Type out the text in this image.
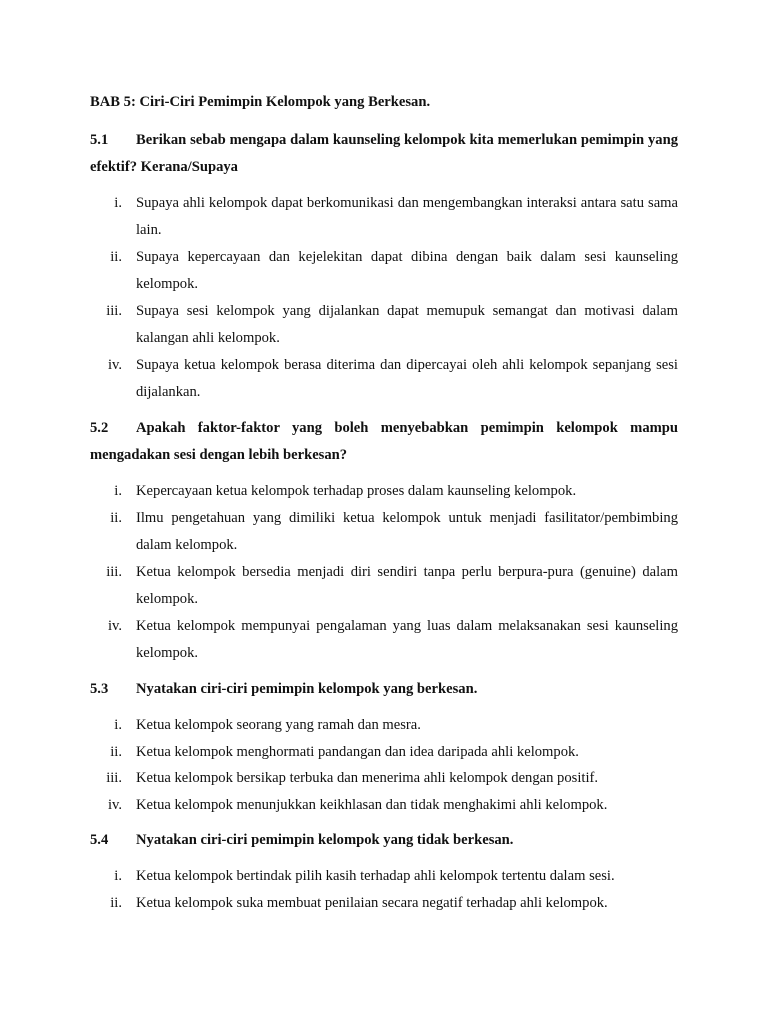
BAB 5: Ciri-Ciri Pemimpin Kelompok yang Berkesan.
5.1 Berikan sebab mengapa dalam kaunseling kelompok kita memerlukan pemimpin yang efektif? Kerana/Supaya
i. Supaya ahli kelompok dapat berkomunikasi dan mengembangkan interaksi antara satu sama lain.
ii. Supaya kepercayaan dan kejelekitan dapat dibina dengan baik dalam sesi kaunseling kelompok.
iii. Supaya sesi kelompok yang dijalankan dapat memupuk semangat dan motivasi dalam kalangan ahli kelompok.
iv. Supaya ketua kelompok berasa diterima dan dipercayai oleh ahli kelompok sepanjang sesi dijalankan.
5.2 Apakah faktor-faktor yang boleh menyebabkan pemimpin kelompok mampu mengadakan sesi dengan lebih berkesan?
i. Kepercayaan ketua kelompok terhadap proses dalam kaunseling kelompok.
ii. Ilmu pengetahuan yang dimiliki ketua kelompok untuk menjadi fasilitator/pembimbing dalam kelompok.
iii. Ketua kelompok bersedia menjadi diri sendiri tanpa perlu berpura-pura (genuine) dalam kelompok.
iv. Ketua kelompok mempunyai pengalaman yang luas dalam melaksanakan sesi kaunseling kelompok.
5.3 Nyatakan ciri-ciri pemimpin kelompok yang berkesan.
i. Ketua kelompok seorang yang ramah dan mesra.
ii. Ketua kelompok menghormati pandangan dan idea daripada ahli kelompok.
iii. Ketua kelompok bersikap terbuka dan menerima ahli kelompok dengan positif.
iv. Ketua kelompok menunjukkan keikhlasan dan tidak menghakimi ahli kelompok.
5.4 Nyatakan ciri-ciri pemimpin kelompok yang tidak berkesan.
i. Ketua kelompok bertindak pilih kasih terhadap ahli kelompok tertentu dalam sesi.
ii. Ketua kelompok suka membuat penilaian secara negatif terhadap ahli kelompok.
